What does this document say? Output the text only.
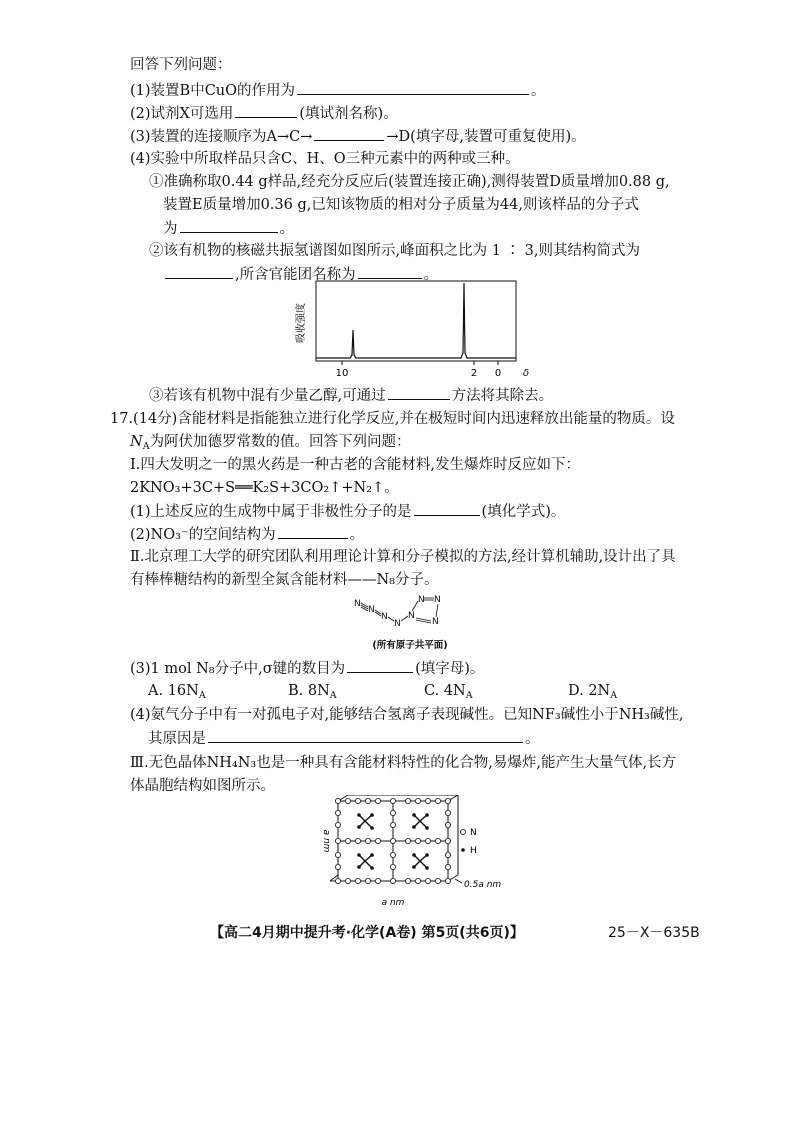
回答下列问题：
(1)装置B中CuO的作用为	。
(2)试剂X可选用	(填试剂名称)。
(3)装置的连接顺序为A→C→	→D(填字母,装置可重复使用)。
(4)实验中所取样品只含C、H、O三种元素中的两种或三种。
①准确称取0.44 g样品,经充分反应后(装置连接正确),测得装置D质量增加0.88 g,
装置E质量增加0.36 g,已知该物质的相对分子质量为44,则该样品的分子式
为	。
②该有机物的核磁共振氢谱图如图所示,峰面积之比为 1 ∶ 3,则其结构简式为
,所含官能团名称为	。
吸收强度
10	2 0 δ
③若该有机物中混有少量乙醇,可通过	方法将其除去。
17.(14分)含能材料是指能独立进行化学反应,并在极短时间内迅速释放出能量的物质。设
$N_A$为阿伏加德罗常数的值。回答下列问题：
Ⅰ.四大发明之一的黑火药是一种古老的含能材料,发生爆炸时反应如下：
2KNO₃+3C+S══K₂S+3CO₂↑+N₂↑。
(1)上述反应的生成物中属于非极性分子的是	(填化学式)。
(2)NO₃⁻的空间结构为	。
Ⅱ.北京理工大学的研究团队利用理论计算和分子模拟的方法,经计算机辅助,设计出了具
有棒棒糖结构的新型全氮含能材料——N₈分子。
N
N
N
N
N
N N
N
(所有原子共平面)
(3)1 mol N₈分子中,σ键的数目为	(填字母)。
A. $16N_A$	B. $8N_A$	C. $4N_A$	D. $2N_A$
(4)氨气分子中有一对孤电子对,能够结合氢离子表现碱性。已知NF₃碱性小于NH₃碱性,
其原因是	。
Ⅲ.无色晶体NH₄N₃也是一种具有含能材料特性的化合物,易爆炸,能产生大量气体,长方
体晶胞结构如图所示。
N
H
a nm
0.5a nm
a nm
【高二4月期中提升考·化学(A卷) 第5页(共6页)】	25－X－635B
